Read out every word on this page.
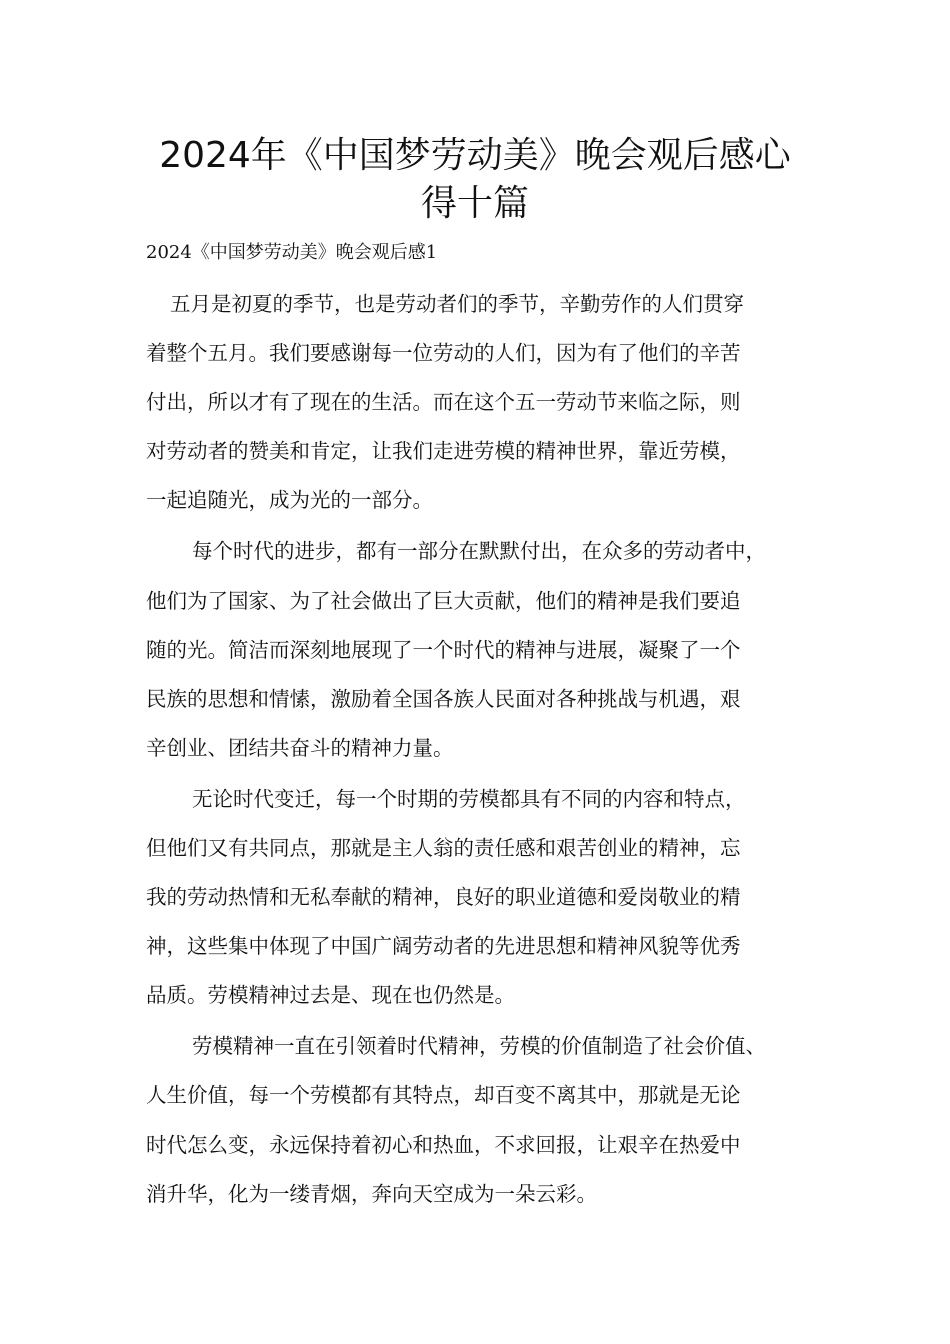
2024年《中国梦劳动美》晚会观后感心
得十篇
2024《中国梦劳动美》晚会观后感1
五月是初夏的季节，也是劳动者们的季节，辛勤劳作的人们贯穿
着整个五月。我们要感谢每一位劳动的人们，因为有了他们的辛苦
付出，所以才有了现在的生活。而在这个五一劳动节来临之际，则
对劳动者的赞美和肯定，让我们走进劳模的精神世界，靠近劳模，
一起追随光，成为光的一部分。
每个时代的进步，都有一部分在默默付出，在众多的劳动者中，
他们为了国家、为了社会做出了巨大贡献，他们的精神是我们要追
随的光。简洁而深刻地展现了一个时代的精神与进展，凝聚了一个
民族的思想和情愫，激励着全国各族人民面对各种挑战与机遇，艰
辛创业、团结共奋斗的精神力量。
无论时代变迁，每一个时期的劳模都具有不同的内容和特点，
但他们又有共同点，那就是主人翁的责任感和艰苦创业的精神，忘
我的劳动热情和无私奉献的精神，良好的职业道德和爱岗敬业的精
神，这些集中体现了中国广阔劳动者的先进思想和精神风貌等优秀
品质。劳模精神过去是、现在也仍然是。
劳模精神一直在引领着时代精神，劳模的价值制造了社会价值、
人生价值，每一个劳模都有其特点，却百变不离其中，那就是无论
时代怎么变，永远保持着初心和热血，不求回报，让艰辛在热爱中
消升华，化为一缕青烟，奔向天空成为一朵云彩。
